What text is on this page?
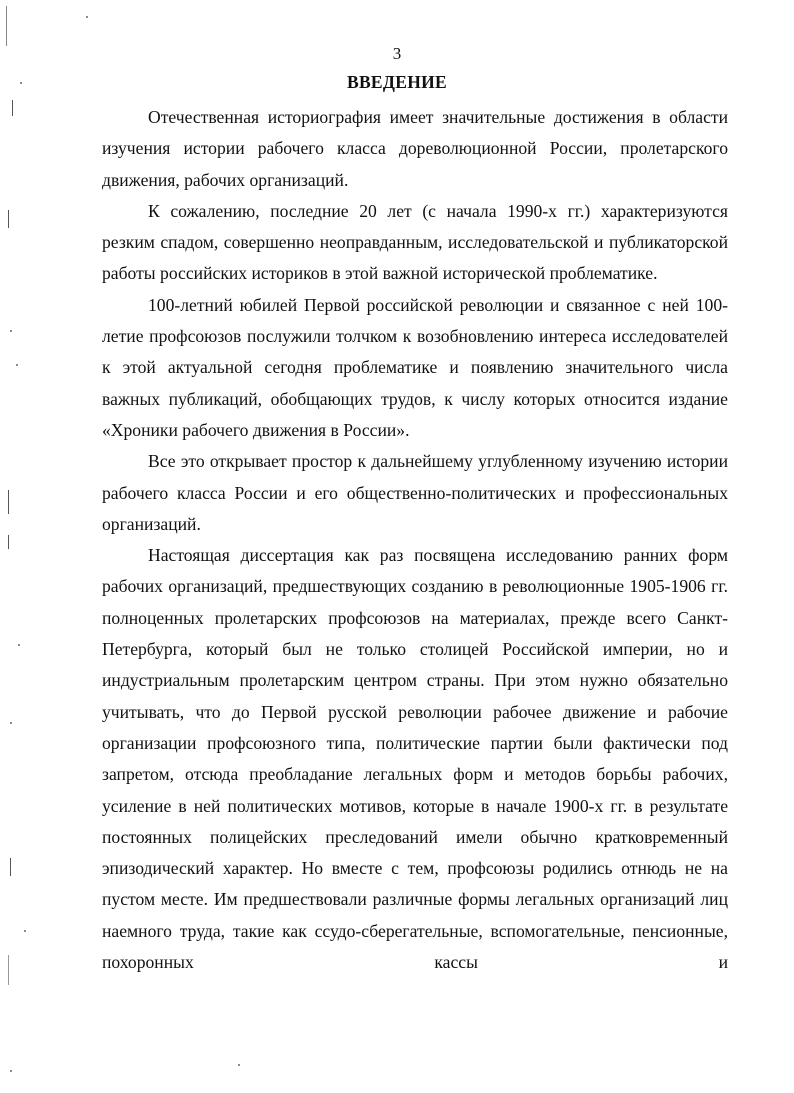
3
ВВЕДЕНИЕ

Отечественная историография имеет значительные достижения в области изучения истории рабочего класса дореволюционной России, пролетарского движения, рабочих организаций.

К сожалению, последние 20 лет (с начала 1990-х гг.) характеризуются резким спадом, совершенно неоправданным, исследовательской и публикаторской работы российских историков в этой важной исторической проблематике.

100-летний юбилей Первой российской революции и связанное с ней 100-летие профсоюзов послужили толчком к возобновлению интереса исследователей к этой актуальной сегодня проблематике и появлению значительного числа важных публикаций, обобщающих трудов, к числу которых относится издание «Хроники рабочего движения в России».

Все это открывает простор к дальнейшему углубленному изучению истории рабочего класса России и его общественно-политических и профессиональных организаций.

Настоящая диссертация как раз посвящена исследованию ранних форм рабочих организаций, предшествующих созданию в революционные 1905-1906 гг. полноценных пролетарских профсоюзов на материалах, прежде всего Санкт-Петербурга, который был не только столицей Российской империи, но и индустриальным пролетарским центром страны. При этом нужно обязательно учитывать, что до Первой русской революции рабочее движение и рабочие организации профсоюзного типа, политические партии были фактически под запретом, отсюда преобладание легальных форм и методов борьбы рабочих, усиление в ней политических мотивов, которые в начале 1900-х гг. в результате постоянных полицейских преследований имели обычно кратковременный эпизодический характер. Но вместе с тем, профсоюзы родились отнюдь не на пустом месте. Им предшествовали различные формы легальных организаций лиц наемного труда, такие как ссудо-сберегательные, вспомогательные, пенсионные, похоронных кассы и
